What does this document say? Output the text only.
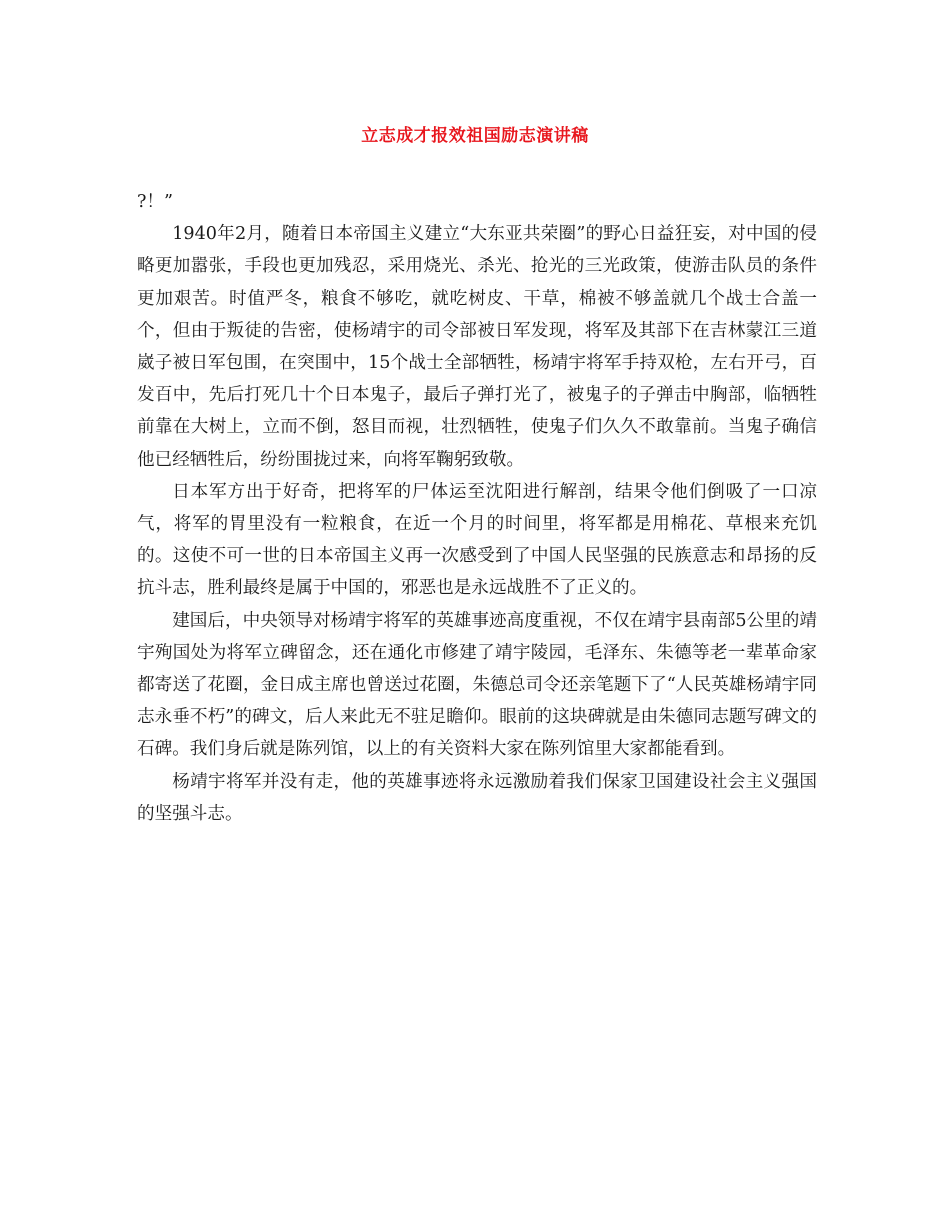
立志成才报效祖国励志演讲稿

?！”

1940年2月，随着日本帝国主义建立“大东亚共荣圈”的野心日益狂妄，对中国的侵略更加嚣张，手段也更加残忍，采用烧光、杀光、抢光的三光政策，使游击队员的条件更加艰苦。时值严冬，粮食不够吃，就吃树皮、干草，棉被不够盖就几个战士合盖一个，但由于叛徒的告密，使杨靖宇的司令部被日军发现，将军及其部下在吉林蒙江三道崴子被日军包围，在突围中，15个战士全部牺牲，杨靖宇将军手持双枪，左右开弓，百发百中，先后打死几十个日本鬼子，最后子弹打光了，被鬼子的子弹击中胸部，临牺牲前靠在大树上，立而不倒，怒目而视，壮烈牺牲，使鬼子们久久不敢靠前。当鬼子确信他已经牺牲后，纷纷围拢过来，向将军鞠躬致敬。

日本军方出于好奇，把将军的尸体运至沈阳进行解剖，结果令他们倒吸了一口凉气，将军的胃里没有一粒粮食，在近一个月的时间里，将军都是用棉花、草根来充饥的。这使不可一世的日本帝国主义再一次感受到了中国人民坚强的民族意志和昂扬的反抗斗志，胜利最终是属于中国的，邪恶也是永远战胜不了正义的。

建国后，中央领导对杨靖宇将军的英雄事迹高度重视，不仅在靖宇县南部5公里的靖宇殉国处为将军立碑留念，还在通化市修建了靖宇陵园，毛泽东、朱德等老一辈革命家都寄送了花圈，金日成主席也曾送过花圈，朱德总司令还亲笔题下了“人民英雄杨靖宇同志永垂不朽”的碑文，后人来此无不驻足瞻仰。眼前的这块碑就是由朱德同志题写碑文的石碑。我们身后就是陈列馆，以上的有关资料大家在陈列馆里大家都能看到。

杨靖宇将军并没有走，他的英雄事迹将永远激励着我们保家卫国建设社会主义强国的坚强斗志。
